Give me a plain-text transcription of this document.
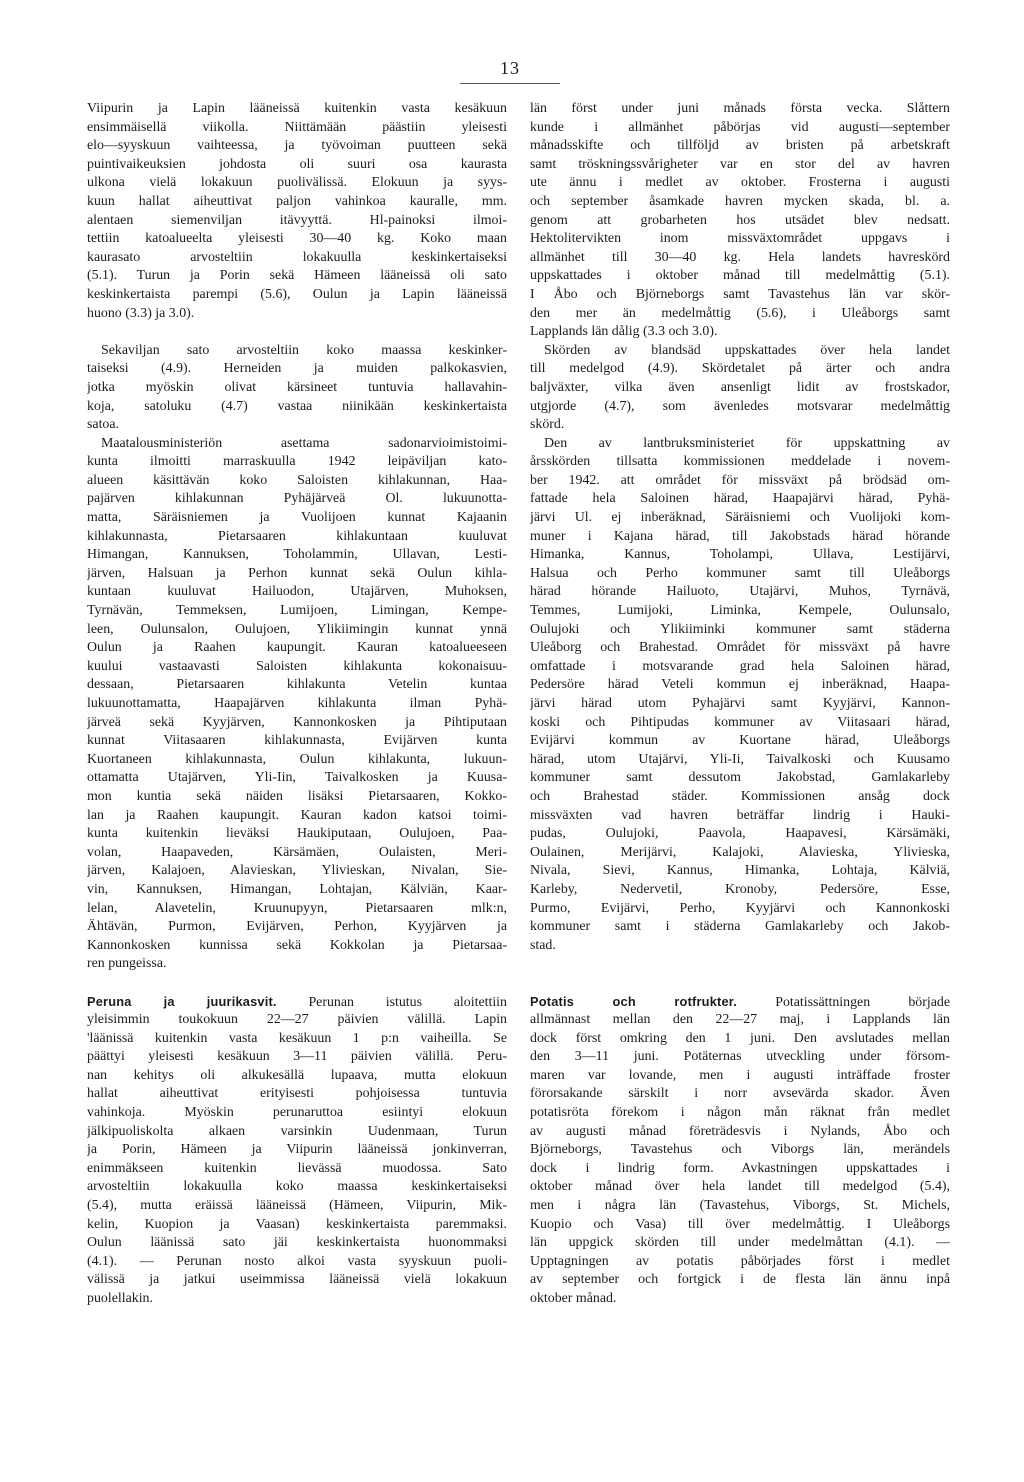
13
Viipurin ja Lapin lääneissä kuitenkin vasta kesäkuun
ensimmäisellä viikolla. Niittämään päästiin yleisesti
elo—syyskuun vaihteessa, ja työvoiman puutteen sekä
puintivaikeuksien johdosta oli suuri osa kaurasta
ulkona vielä lokakuun puolivälissä. Elokuun ja syys-
kuun hallat aiheuttivat paljon vahinkoa kauralle, mm.
alentaen siemenviljan itävyyttä. Hl-painoksi ilmoi-
tettiin katoalueelta yleisesti 30—40 kg. Koko maan
kaurasato arvosteltiin lokakuulla keskinkertaiseksi
(5.1). Turun ja Porin sekä Hämeen lääneissä oli sato
keskinkertaista parempi (5.6), Oulun ja Lapin lääneissä
huono (3.3) ja 3.0).
Sekaviljan sato arvosteltiin koko maassa keskinker-
taiseksi (4.9). Herneiden ja muiden palkokasvien,
jotka myöskin olivat kärsineet tuntuvia hallavahin-
koja, satoluku (4.7) vastaa niinikään keskinkertaista
satoa.
Maatalousministeriön asettama sadonarvioimistoimi-
kunta ilmoitti marraskuulla 1942 leipäviljan kato-
alueen käsittävän koko Saloisten kihlakunnan, Haa-
pajärven kihlakunnan Pyhäjärveä Ol. lukuunotta-
matta, Säräisniemen ja Vuolijoen kunnat Kajaanin
kihlakunnasta, Pietarsaaren kihlakuntaan kuuluvat
Himangan, Kannuksen, Toholammin, Ullavan, Lesti-
järven, Halsuan ja Perhon kunnat sekä Oulun kihla-
kuntaan kuuluvat Hailuodon, Utajärven, Muhoksen,
Tyrnävän, Temmeksen, Lumijoen, Limingan, Kempe-
leen, Oulunsalon, Oulujoen, Ylikiimingin kunnat ynnä
Oulun ja Raahen kaupungit. Kauran katoalueeseen
kuului vastaavasti Saloisten kihlakunta kokonaisuu-
dessaan, Pietarsaaren kihlakunta Vetelin kuntaa
lukuunottamatta, Haapajärven kihlakunta ilman Pyhä-
järveä sekä Kyyjärven, Kannonkosken ja Pihtiputaan
kunnat Viitasaaren kihlakunnasta, Evijärven kunta
Kuortaneen kihlakunnasta, Oulun kihlakunta, lukuun-
ottamatta Utajärven, Yli-Iin, Taivalkosken ja Kuusa-
mon kuntia sekä näiden lisäksi Pietarsaaren, Kokko-
lan ja Raahen kaupungit. Kauran kadon katsoi toimi-
kunta kuitenkin lieväksi Haukiputaan, Oulujoen, Paa-
volan, Haapaveden, Kärsämäen, Oulaisten, Meri-
järven, Kalajoen, Alavieskan, Ylivieskan, Nivalan, Sie-
vin, Kannuksen, Himangan, Lohtajan, Kälviän, Kaar-
lelan, Alavetelin, Kruunupyyn, Pietarsaaren mlk:n,
Ähtävän, Purmon, Evijärven, Perhon, Kyyjärven ja
Kannonkosken kunnissa sekä Kokkolan ja Pietarsaa-
ren pungeissa.
Peruna ja juurikasvit. Perunan istutus aloitettiin
yleisimmin toukokuun 22—27 päivien välillä. Lapin
'läänissä kuitenkin vasta kesäkuun 1 p:n vaiheilla. Se
päättyi yleisesti kesäkuun 3—11 päivien välillä. Peru-
nan kehitys oli alkukesällä lupaava, mutta elokuun
hallat aiheuttivat erityisesti pohjoisessa tuntuvia
vahinkoja. Myöskin perunaruttoa esiintyi elokuun
jälkipuoliskolta alkaen varsinkin Uudenmaan, Turun
ja Porin, Hämeen ja Viipurin lääneissä jonkinverran,
enimmäkseen kuitenkin lievässä muodossa. Sato
arvosteltiin lokakuulla koko maassa keskinkertaiseksi
(5.4), mutta eräissä lääneissä (Hämeen, Viipurin, Mik-
kelin, Kuopion ja Vaasan) keskinkertaista paremmaksi.
Oulun läänissä sato jäi keskinkertaista huonommaksi
(4.1). — Perunan nosto alkoi vasta syyskuun puoli-
välissä ja jatkui useimmissa lääneissä vielä lokakuun
puolellakin.
län först under juni månads första vecka. Slåttern
kunde i allmänhet påbörjas vid augusti—september
månadsskifte och tillföljd av bristen på arbetskraft
samt tröskningssvårigheter var en stor del av havren
ute ännu i medlet av oktober. Frosterna i augusti
och september åsamkade havren mycken skada, bl. a.
genom att grobarheten hos utsädet blev nedsatt.
Hektolitervikten inom missväxtområdet uppgavs i
allmänhet till 30—40 kg. Hela landets havreskörd
uppskattades i oktober månad till medelmåttig (5.1).
I Åbo och Björneborgs samt Tavastehus län var skör-
den mer än medelmåttig (5.6), i Uleåborgs samt
Lapplands län dålig (3.3 och 3.0).
Skörden av blandsäd uppskattades över hela landet
till medelgod (4.9). Skördetalet på ärter och andra
baljväxter, vilka även ansenligt lidit av frostskador,
utgjorde (4.7), som ävenledes motsvarar medelmåttig
skörd.
Den av lantbruksministeriet för uppskattning av
årsskörden tillsatta kommissionen meddelade i novem-
ber 1942. att området för missväxt på brödsäd om-
fattade hela Saloinen härad, Haapajärvi härad, Pyhä-
järvi Ul. ej inberäknad, Säräisniemi och Vuolijoki kom-
muner i Kajana härad, till Jakobstads härad hörande
Himanka, Kannus, Toholampi, Ullava, Lestijärvi,
Halsua och Perho kommuner samt till Uleåborgs
härad hörande Hailuoto, Utajärvi, Muhos, Tyrnävä,
Temmes, Lumijoki, Liminka, Kempele, Oulunsalo,
Oulujoki och Ylikiiminki kommuner samt städerna
Uleåborg och Brahestad. Området för missväxt på havre
omfattade i motsvarande grad hela Saloinen härad,
Pedersöre härad Veteli kommun ej inberäknad, Haapa-
järvi härad utom Pyhajärvi samt Kyyjärvi, Kannon-
koski och Pihtipudas kommuner av Viitasaari härad,
Evijärvi kommun av Kuortane härad, Uleåborgs
härad, utom Utajärvi, Yli-Ii, Taivalkoski och Kuusamo
kommuner samt dessutom Jakobstad, Gamlakarleby
och Brahestad städer. Kommissionen ansåg dock
missväxten vad havren beträffar lindrig i Hauki-
pudas, Oulujoki, Paavola, Haapavesi, Kärsämäki,
Oulainen, Merijärvi, Kalajoki, Alavieska, Ylivieska,
Nivala, Sievi, Kannus, Himanka, Lohtaja, Kälviä,
Karleby, Nedervetil, Kronoby, Pedersöre, Esse,
Purmo, Evijärvi, Perho, Kyyjärvi och Kannonkoski
kommuner samt i städerna Gamlakarleby och Jakob-
stad.
Potatis och rotfrukter.	Potatissättningen började
allmännast mellan den 22—27 maj, i Lapplands län
dock först omkring den 1 juni. Den avslutades mellan
den 3—11 juni. Potäternas utveckling under försom-
maren var lovande, men i augusti inträffade froster
förorsakande särskilt i norr avsevärda skador. Även
potatisröta förekom i någon mån räknat från medlet
av augusti månad företrädesvis i Nylands, Åbo och
Björneborgs, Tavastehus och Viborgs län, merändels
dock i lindrig form. Avkastningen uppskattades i
oktober månad över hela landet till medelgod (5.4),
men i några län (Tavastehus, Viborgs, St. Michels,
Kuopio och Vasa) till över medelmåttig. I Uleåborgs
län uppgick skörden till under medelmåttan (4.1). —
Upptagningen av potatis påbörjades först i medlet
av september och fortgick i de flesta län ännu inpå
oktober månad.
